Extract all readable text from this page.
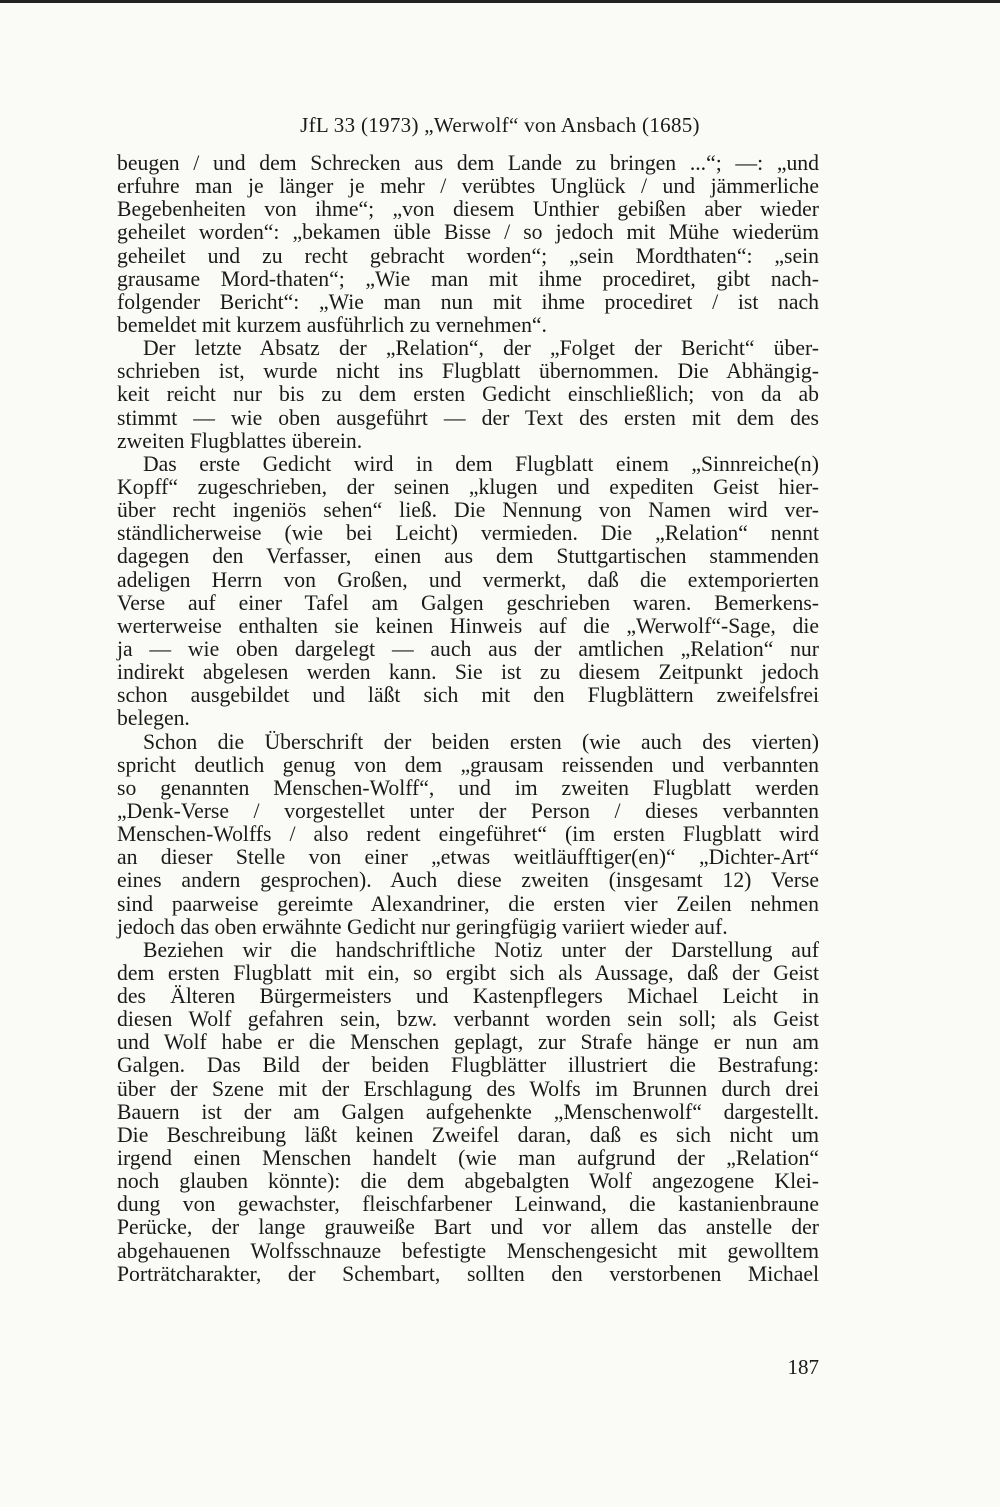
JfL 33 (1973) „Werwolf“ von Ansbach (1685)
beugen / und dem Schrecken aus dem Lande zu bringen ...“; —: „und
erfuhre man je länger je mehr / verübtes Unglück / und jämmerliche
Begebenheiten von ihme“; „von diesem Unthier gebißen aber wieder
geheilet worden“: „bekamen üble Bisse / so jedoch mit Mühe wiederüm
geheilet und zu recht gebracht worden“; „sein Mordthaten“: „sein
grausame Mord-thaten“; „Wie man mit ihme procediret, gibt nach-
folgender Bericht“: „Wie man nun mit ihme procediret / ist nach
bemeldet mit kurzem ausführlich zu vernehmen“.
Der letzte Absatz der „Relation“, der „Folget der Bericht“ über-
schrieben ist, wurde nicht ins Flugblatt übernommen. Die Abhängig-
keit reicht nur bis zu dem ersten Gedicht einschließlich; von da ab
stimmt — wie oben ausgeführt — der Text des ersten mit dem des
zweiten Flugblattes überein.
Das erste Gedicht wird in dem Flugblatt einem „Sinnreiche(n)
Kopff“ zugeschrieben, der seinen „klugen und expediten Geist hier-
über recht ingeniös sehen“ ließ. Die Nennung von Namen wird ver-
ständlicherweise (wie bei Leicht) vermieden. Die „Relation“ nennt
dagegen den Verfasser, einen aus dem Stuttgartischen stammenden
adeligen Herrn von Großen, und vermerkt, daß die extemporierten
Verse auf einer Tafel am Galgen geschrieben waren. Bemerkens-
werterweise enthalten sie keinen Hinweis auf die „Werwolf“-Sage, die
ja — wie oben dargelegt — auch aus der amtlichen „Relation“ nur
indirekt abgelesen werden kann. Sie ist zu diesem Zeitpunkt jedoch
schon ausgebildet und läßt sich mit den Flugblättern zweifelsfrei
belegen.
Schon die Überschrift der beiden ersten (wie auch des vierten)
spricht deutlich genug von dem „grausam reissenden und verbannten
so genannten Menschen-Wolff“, und im zweiten Flugblatt werden
„Denk-Verse / vorgestellet unter der Person / dieses verbannten
Menschen-Wolffs / also redent eingeführet“ (im ersten Flugblatt wird
an dieser Stelle von einer „etwas weitläufftiger(en)“ „Dichter-Art“
eines andern gesprochen). Auch diese zweiten (insgesamt 12) Verse
sind paarweise gereimte Alexandriner, die ersten vier Zeilen nehmen
jedoch das oben erwähnte Gedicht nur geringfügig variiert wieder auf.
Beziehen wir die handschriftliche Notiz unter der Darstellung auf
dem ersten Flugblatt mit ein, so ergibt sich als Aussage, daß der Geist
des Älteren Bürgermeisters und Kastenpflegers Michael Leicht in
diesen Wolf gefahren sein, bzw. verbannt worden sein soll; als Geist
und Wolf habe er die Menschen geplagt, zur Strafe hänge er nun am
Galgen. Das Bild der beiden Flugblätter illustriert die Bestrafung:
über der Szene mit der Erschlagung des Wolfs im Brunnen durch drei
Bauern ist der am Galgen aufgehenkte „Menschenwolf“ dargestellt.
Die Beschreibung läßt keinen Zweifel daran, daß es sich nicht um
irgend einen Menschen handelt (wie man aufgrund der „Relation“
noch glauben könnte): die dem abgebalgten Wolf angezogene Klei-
dung von gewachster, fleischfarbener Leinwand, die kastanienbraune
Perücke, der lange grauweiße Bart und vor allem das anstelle der
abgehauenen Wolfsschnauze befestigte Menschengesicht mit gewolltem
Porträtcharakter, der Schembart, sollten den verstorbenen Michael
187
